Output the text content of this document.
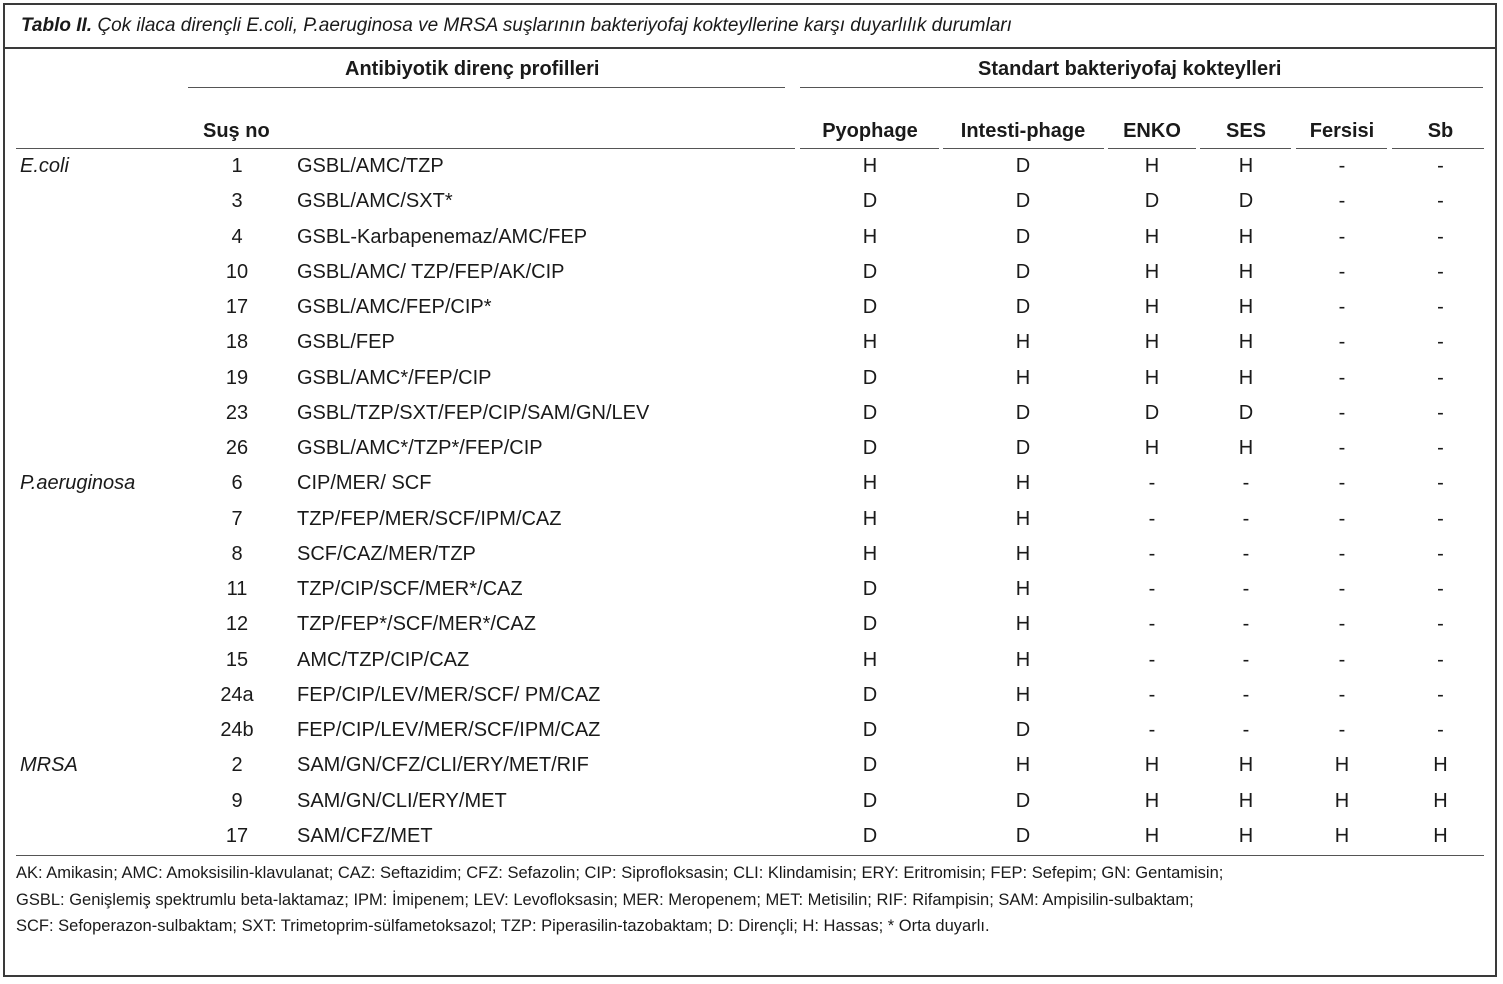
Tablo II. Çok ilaca dirençli E.coli, P.aeruginosa ve MRSA suşlarının bakteriyofaj kokteyllerine karşı duyarlılık durumları
Antibiyotik direnç profilleri	Standart bakteriyofaj kokteylleri
Suş no	Pyophage	Intesti-phage	ENKO	SES	Fersisi	Sb
E.coli	1	GSBL/AMC/TZP	H	D	H	H	-	-
3	GSBL/AMC/SXT*	D	D	D	D	-	-
4	GSBL-Karbapenemaz/AMC/FEP	H	D	H	H	-	-
10	GSBL/AMC/ TZP/FEP/AK/CIP	D	D	H	H	-	-
17	GSBL/AMC/FEP/CIP*	D	D	H	H	-	-
18	GSBL/FEP	H	H	H	H	-	-
19	GSBL/AMC*/FEP/CIP	D	H	H	H	-	-
23	GSBL/TZP/SXT/FEP/CIP/SAM/GN/LEV	D	D	D	D	-	-
26	GSBL/AMC*/TZP*/FEP/CIP	D	D	H	H	-	-
P.aeruginosa	6	CIP/MER/ SCF	H	H	-	-	-	-
7	TZP/FEP/MER/SCF/IPM/CAZ	H	H	-	-	-	-
8	SCF/CAZ/MER/TZP	H	H	-	-	-	-
11	TZP/CIP/SCF/MER*/CAZ	D	H	-	-	-	-
12	TZP/FEP*/SCF/MER*/CAZ	D	H	-	-	-	-
15	AMC/TZP/CIP/CAZ	H	H	-	-	-	-
24a	FEP/CIP/LEV/MER/SCF/ PM/CAZ	D	H	-	-	-	-
24b	FEP/CIP/LEV/MER/SCF/IPM/CAZ	D	D	-	-	-	-
MRSA	2	SAM/GN/CFZ/CLI/ERY/MET/RIF	D	H	H	H	H	H
9	SAM/GN/CLI/ERY/MET	D	D	H	H	H	H
17	SAM/CFZ/MET	D	D	H	H	H	H
AK: Amikasin; AMC: Amoksisilin-klavulanat; CAZ: Seftazidim; CFZ: Sefazolin; CIP: Siprofloksasin; CLI: Klindamisin; ERY: Eritromisin; FEP: Sefepim; GN: Gentamisin;
GSBL: Genişlemiş spektrumlu beta-laktamaz; IPM: İmipenem; LEV: Levofloksasin; MER: Meropenem; MET: Metisilin; RIF: Rifampisin; SAM: Ampisilin-sulbaktam;
SCF: Sefoperazon-sulbaktam; SXT: Trimetoprim-sülfametoksazol; TZP: Piperasilin-tazobaktam; D: Dirençli; H: Hassas; * Orta duyarlı.
